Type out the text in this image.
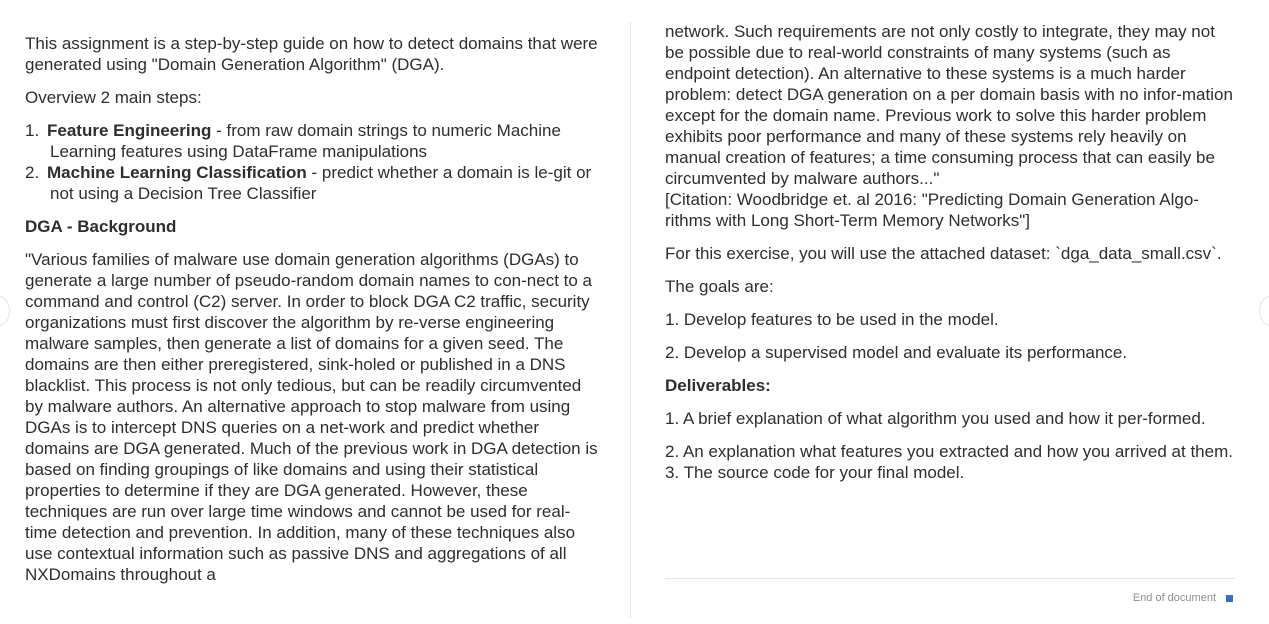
This assignment is a step-by-step guide on how to detect domains that were generated using "Domain Generation Algorithm" (DGA).

Overview 2 main steps:

1. Feature Engineering - from raw domain strings to numeric Machine Learning features using DataFrame manipulations
2. Machine Learning Classification - predict whether a domain is le-git or not using a Decision Tree Classifier

DGA - Background

"Various families of malware use domain generation algorithms (DGAs) to generate a large number of pseudo-random domain names to con-nect to a command and control (C2) server. In order to block DGA C2 traffic, security organizations must first discover the algorithm by re-verse engineering malware samples, then generate a list of domains for a given seed. The domains are then either preregistered, sink-holed or published in a DNS blacklist. This process is not only tedious, but can be readily circumvented by malware authors. An alternative approach to stop malware from using DGAs is to intercept DNS queries on a net-work and predict whether domains are DGA generated. Much of the previous work in DGA detection is based on finding groupings of like domains and using their statistical properties to determine if they are DGA generated. However, these techniques are run over large time windows and cannot be used for real-time detection and prevention. In addition, many of these techniques also use contextual information such as passive DNS and aggregations of all NXDomains throughout a

network. Such requirements are not only costly to integrate, they may not be possible due to real-world constraints of many systems (such as endpoint detection). An alternative to these systems is a much harder problem: detect DGA generation on a per domain basis with no infor-mation except for the domain name. Previous work to solve this harder problem exhibits poor performance and many of these systems rely heavily on manual creation of features; a time consuming process that can easily be circumvented by malware authors..."

[Citation: Woodbridge et. al 2016: "Predicting Domain Generation Algo-rithms with Long Short-Term Memory Networks"]

For this exercise, you will use the attached dataset: `dga_data_small.csv`.

The goals are:

1. Develop features to be used in the model.

2. Develop a supervised model and evaluate its performance.

Deliverables:

1. A brief explanation of what algorithm you used and how it per-formed.

2. An explanation what features you extracted and how you arrived at them. 3. The source code for your final model.

End of document
